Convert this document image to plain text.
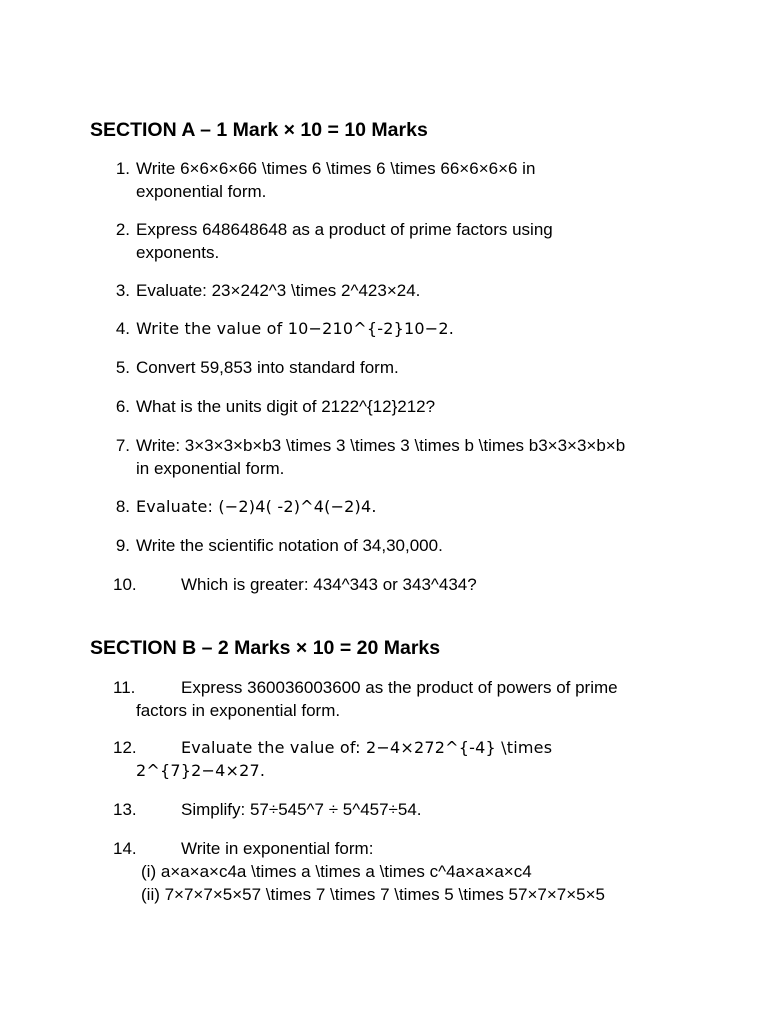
SECTION A – 1 Mark × 10 = 10 Marks
1. Write 6×6×6×66 \times 6 \times 6 \times 66×6×6×6 in
exponential form.
2. Express 648648648 as a product of prime factors using
exponents.
3. Evaluate: 23×242^3 \times 2^423×24.
4. Write the value of 10−210^{-2}10−2.
5. Convert 59,853 into standard form.
6. What is the units digit of 2122^{12}212?
7. Write: 3×3×3×b×b3 \times 3 \times 3 \times b \times b3×3×3×b×b
in exponential form.
8. Evaluate: (−2)4( -2)^4(−2)4.
9. Write the scientific notation of 34,30,000.
10.	Which is greater: 434^343 or 343^434?
SECTION B – 2 Marks × 10 = 20 Marks
11.	Express 360036003600 as the product of powers of prime
factors in exponential form.
12.	Evaluate the value of: 2−4×272^{-4} \times
2^{7}2−4×27.
13.	Simplify: 57÷545^7 ÷ 5^457÷54.
14.	Write in exponential form:
(i) a×a×a×c4a \times a \times a \times c^4a×a×a×c4
(ii) 7×7×7×5×57 \times 7 \times 7 \times 5 \times 57×7×7×5×5
